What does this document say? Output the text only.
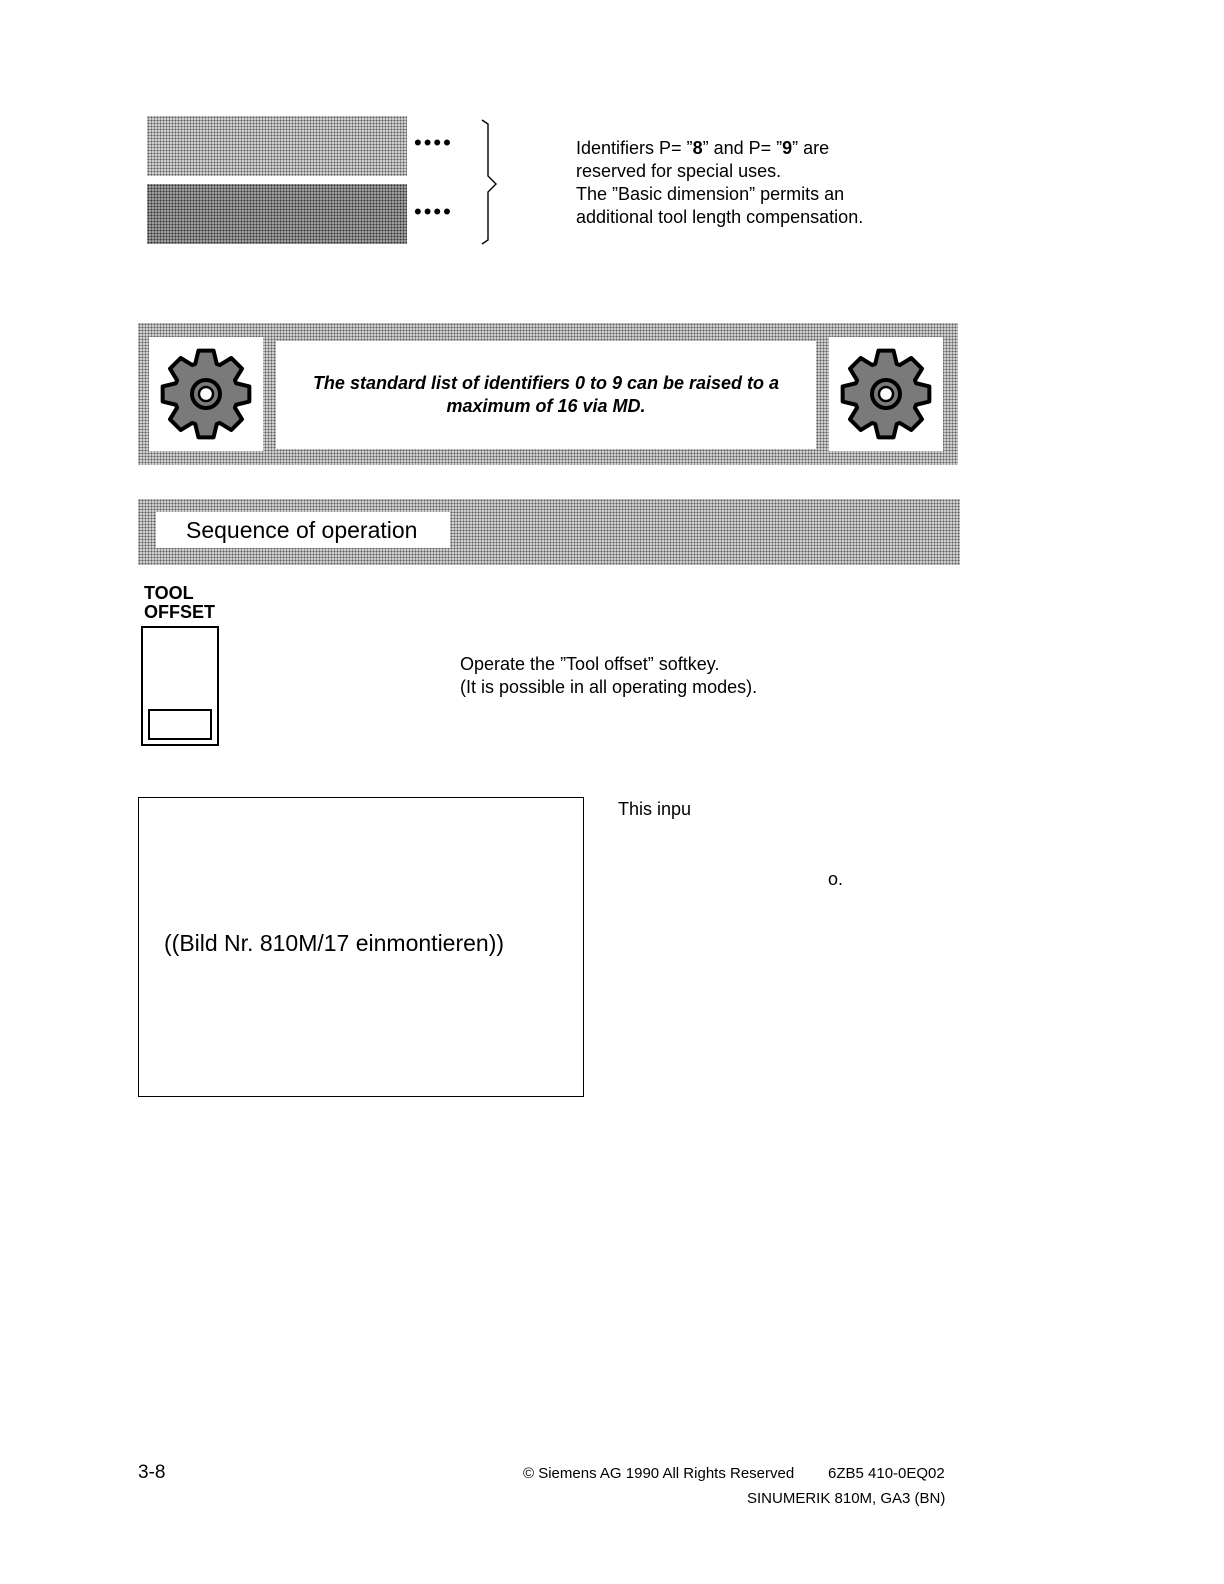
••••
••••
Identifiers P= ”8” and P= ”9” are
reserved for special uses.
The ”Basic dimension” permits an
additional tool length compensation.
The standard list of identifiers 0 to 9 can be raised to a
maximum of 16 via MD.
Sequence of operation
TOOL
OFFSET
Operate the ”Tool offset” softkey.
(It is possible in all operating modes).
((Bild Nr. 810M/17 einmontieren))
This inpu
o.
3-8	© Siemens AG 1990 All Rights Reserved 6ZB5 410-0EQ02
SINUMERIK 810M, GA3 (BN)
